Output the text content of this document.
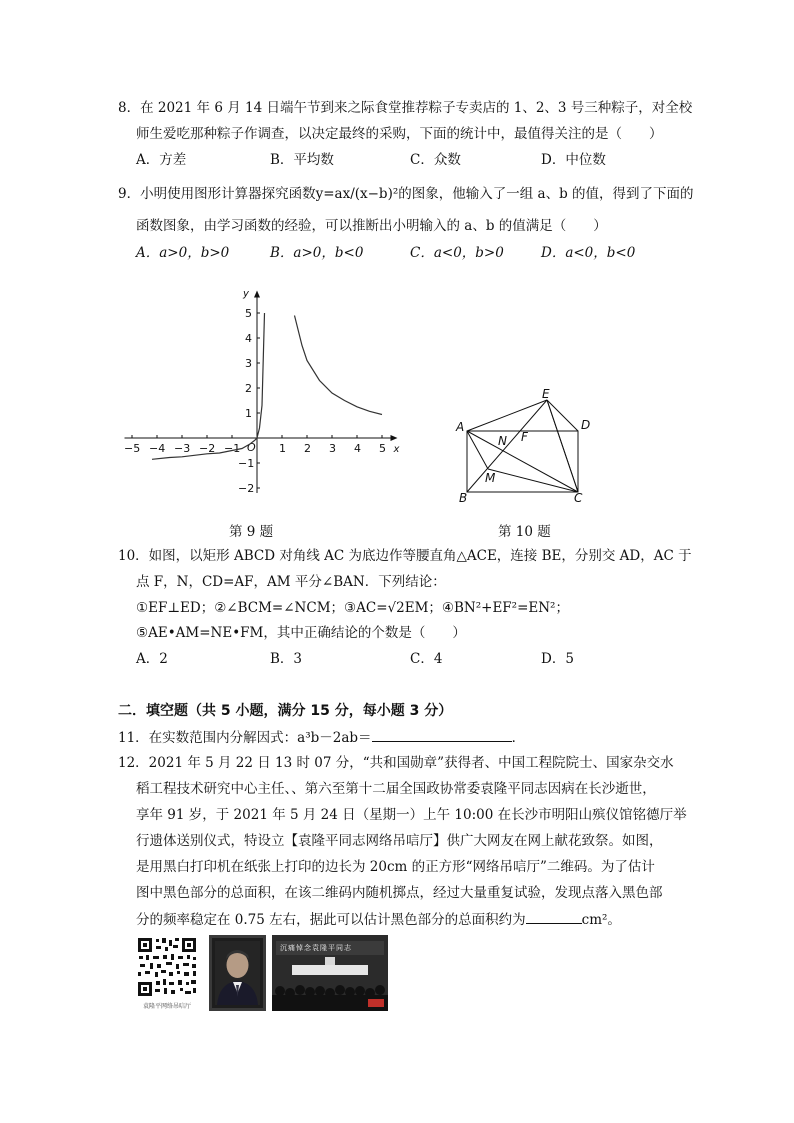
8．在 2021 年 6 月 14 日端午节到来之际食堂推荐粽子专卖店的 1、2、3 号三种粽子，对全校
师生爱吃那种粽子作调查，以决定最终的采购，下面的统计中，最值得关注的是（　　）
A．方差	B．平均数	C．众数	D．中位数
9．小明使用图形计算器探究函数y=ax/(x−b)²的图象，他输入了一组 a、b 的值，得到了下面的
函数图象，由学习函数的经验，可以推断出小明输入的 a、b 的值满足（　　）
A．a>0，b>0	B．a>0，b<0	C．a<0，b>0	D．a<0，b<0
x
y
O
−5 −4 −3 −2 −1	1 2 3 4 5
5
4
3
2
1
−1
−2
第 9 题
A
B	C
D
E
F
N
M
第 10 题
10．如图，以矩形 ABCD 对角线 AC 为底边作等腰直角△ACE，连接 BE，分别交 AD，AC 于
点 F，N，CD=AF，AM 平分∠BAN．下列结论：
①EF⊥ED；②∠BCM=∠NCM；③AC=√2EM；④BN²+EF²=EN²；
⑤AE•AM=NE•FM，其中正确结论的个数是（　　）
A．2	B．3	C．4	D．5
二．填空题（共 5 小题，满分 15 分，每小题 3 分）
11．在实数范围内分解因式：a³b－2ab＝	．
12．2021 年 5 月 22 日 13 时 07 分，“共和国勋章”获得者、中国工程院院士、国家杂交水
稻工程技术研究中心主任、、第六至第十二届全国政协常委袁隆平同志因病在长沙逝世，
享年 91 岁，于 2021 年 5 月 24 日（星期一）上午 10:00 在长沙市明阳山殡仪馆铭德厅举
行遗体送别仪式，特设立【袁隆平同志网络吊唁厅】供广大网友在网上献花致祭。如图，
是用黑白打印机在纸张上打印的边长为 20cm 的正方形“网络吊唁厅”二维码。为了估计
图中黑色部分的总面积，在该二维码内随机掷点，经过大量重复试验，发现点落入黑色部
分的频率稳定在 0.75 左右，据此可以估计黑色部分的总面积约为	cm²。
袁隆平网络吊唁厅
沉痛悼念袁隆平同志
